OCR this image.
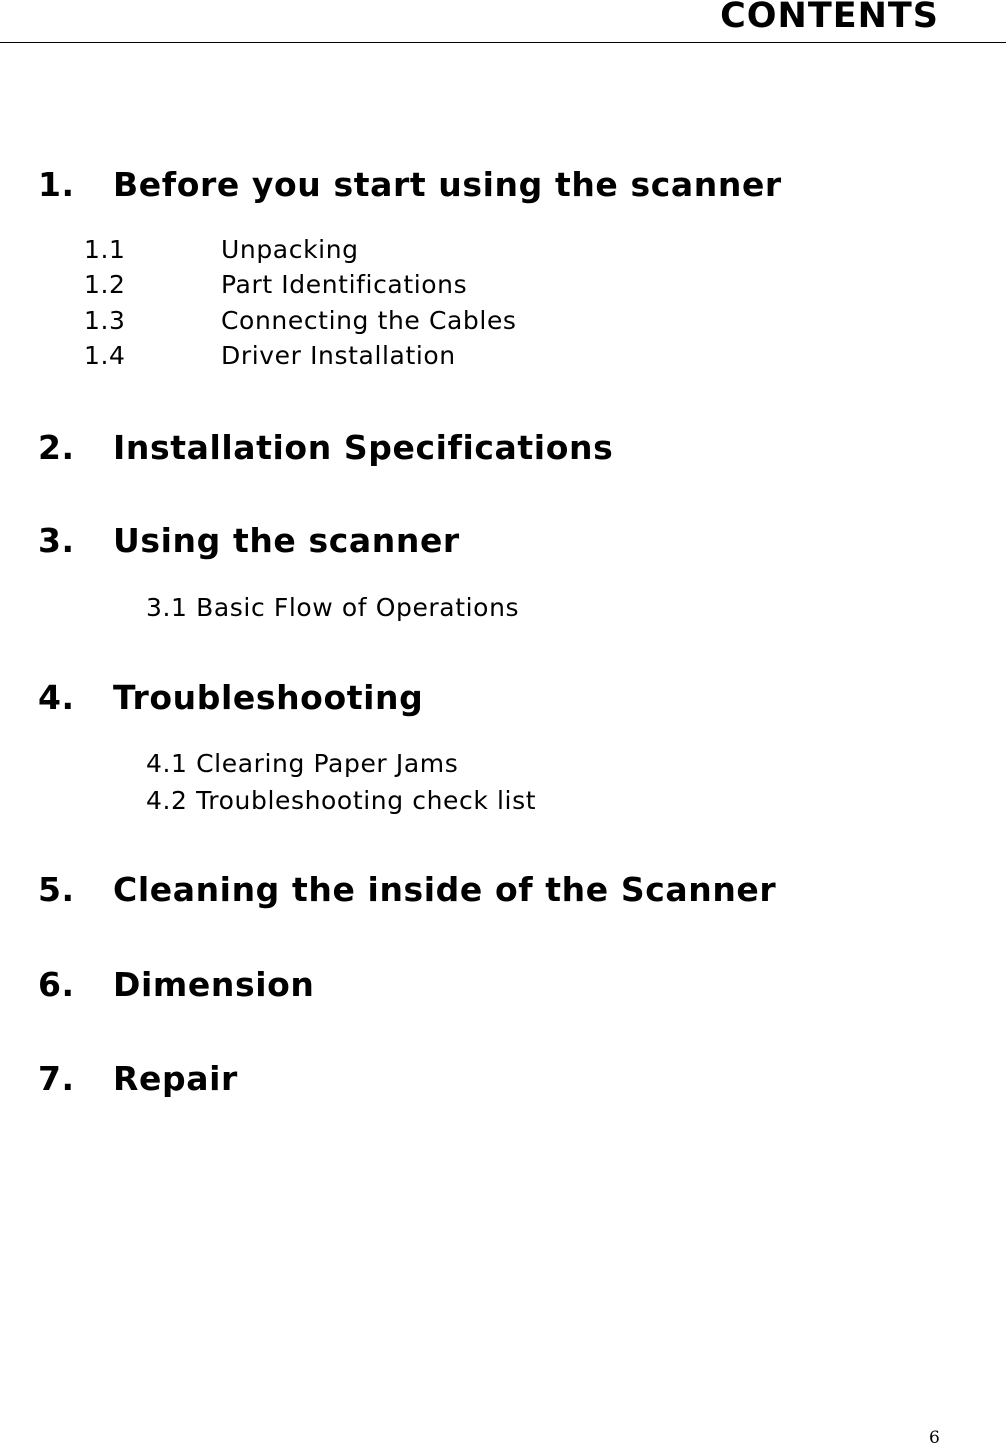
CONTENTS
1. Before you start using the scanner
1.1	Unpacking
1.2	Part Identifications
1.3	Connecting the Cables
1.4	Driver Installation
2. Installation Specifications
3. Using the scanner
3.1 Basic Flow of Operations
4. Troubleshooting
4.1 Clearing Paper Jams
4.2 Troubleshooting check list
5. Cleaning the inside of the Scanner
6. Dimension
7. Repair
6
